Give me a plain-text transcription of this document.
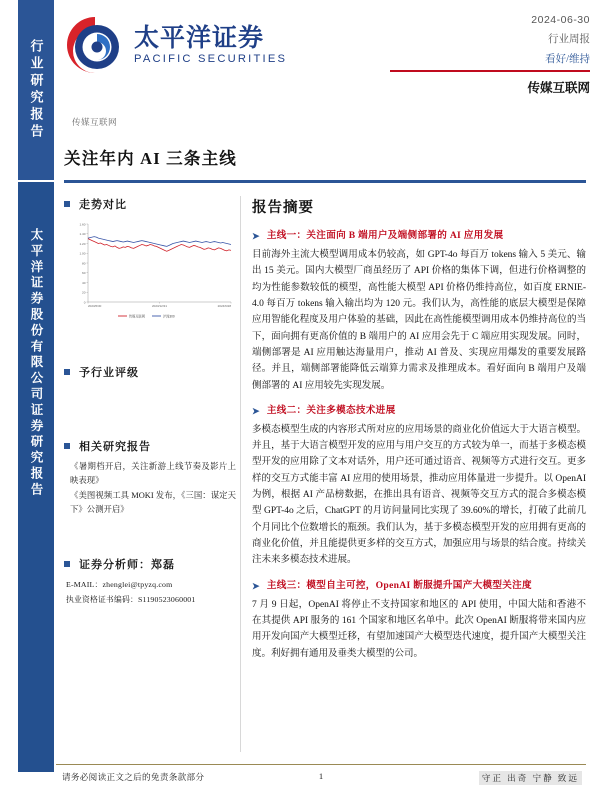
行业研究报告
太平洋证券股份有限公司证券研究报告
太平洋证券
PACIFIC SECURITIES
2024-06-30
行业周报
看好/维持
传媒互联网
传媒互联网
关注年内 AI 三条主线
走势对比
0
20
40
60
80
1.00
1.20
1.40
1.60
2023/6/30	2023/12/31	2024/6/28
传媒互联网	沪深300
予行业评级
相关研究报告
《暑期档开启，关注新游上线节奏及影片上映表现》
《美图视频工具 MOKI 发布，《三国：谋定天下》公测开启》
证券分析师：郑磊
E-MAIL：zhenglei@tpyzq.com
执业资格证书编码：S1190523060001
报告摘要
➤ 主线一：关注面向 B 端用户及端侧部署的 AI 应用发展
目前海外主流大模型调用成本仍较高，如 GPT-4o 每百万 tokens 输入 5 美元、输出 15 美元。国内大模型厂商虽经历了 API 价格的集体下调，但进行价格调整的均为性能参数较低的模型，高性能大模型 API 价格仍维持高位，如百度 ERNIE-4.0 每百万 tokens 输入输出均为 120 元。我们认为，高性能的底层大模型是保障应用智能化程度及用户体验的基础，因此在高性能模型调用成本仍维持高位的当下，面向拥有更高价值的 B 端用户的 AI 应用会先于 C 端应用实现发展。同时，端侧部署是 AI 应用触达海量用户，推动 AI 普及、实现应用爆发的重要发展路径。并且，端侧部署能降低云端算力需求及推理成本。看好面向 B 端用户及端侧部署的 AI 应用较先实现发展。
➤ 主线二：关注多模态技术进展
多模态模型生成的内容形式所对应的应用场景的商业化价值远大于大语言模型。并且，基于大语言模型开发的应用与用户交互的方式较为单一，而基于多模态模型开发的应用除了文本对话外，用户还可通过语音、视频等方式进行交互。更多样的交互方式能丰富 AI 应用的使用场景，推动应用体量进一步提升。以 OpenAI 为例，根据 AI 产品榜数据，在推出具有语音、视频等交互方式的混合多模态模型 GPT-4o 之后，ChatGPT 的月访问量同比实现了 39.60%的增长，打破了此前几个月同比个位数增长的瓶颈。我们认为，基于多模态模型开发的应用拥有更高的商业化价值，并且能提供更多样的交互方式，加强应用与场景的结合度。持续关注未来多模态技术进展。
➤ 主线三：模型自主可控，OpenAI 断服提升国产大模型关注度
7 月 9 日起，OpenAI 将停止不支持国家和地区的 API 使用，中国大陆和香港不在其提供 API 服务的 161 个国家和地区名单中。此次 OpenAI 断服将带来国内应用开发向国产大模型迁移，有望加速国产大模型迭代速度，提升国产大模型关注度。利好拥有通用及垂类大模型的公司。
请务必阅读正文之后的免责条款部分	1	守正 出奇 宁静 致远
